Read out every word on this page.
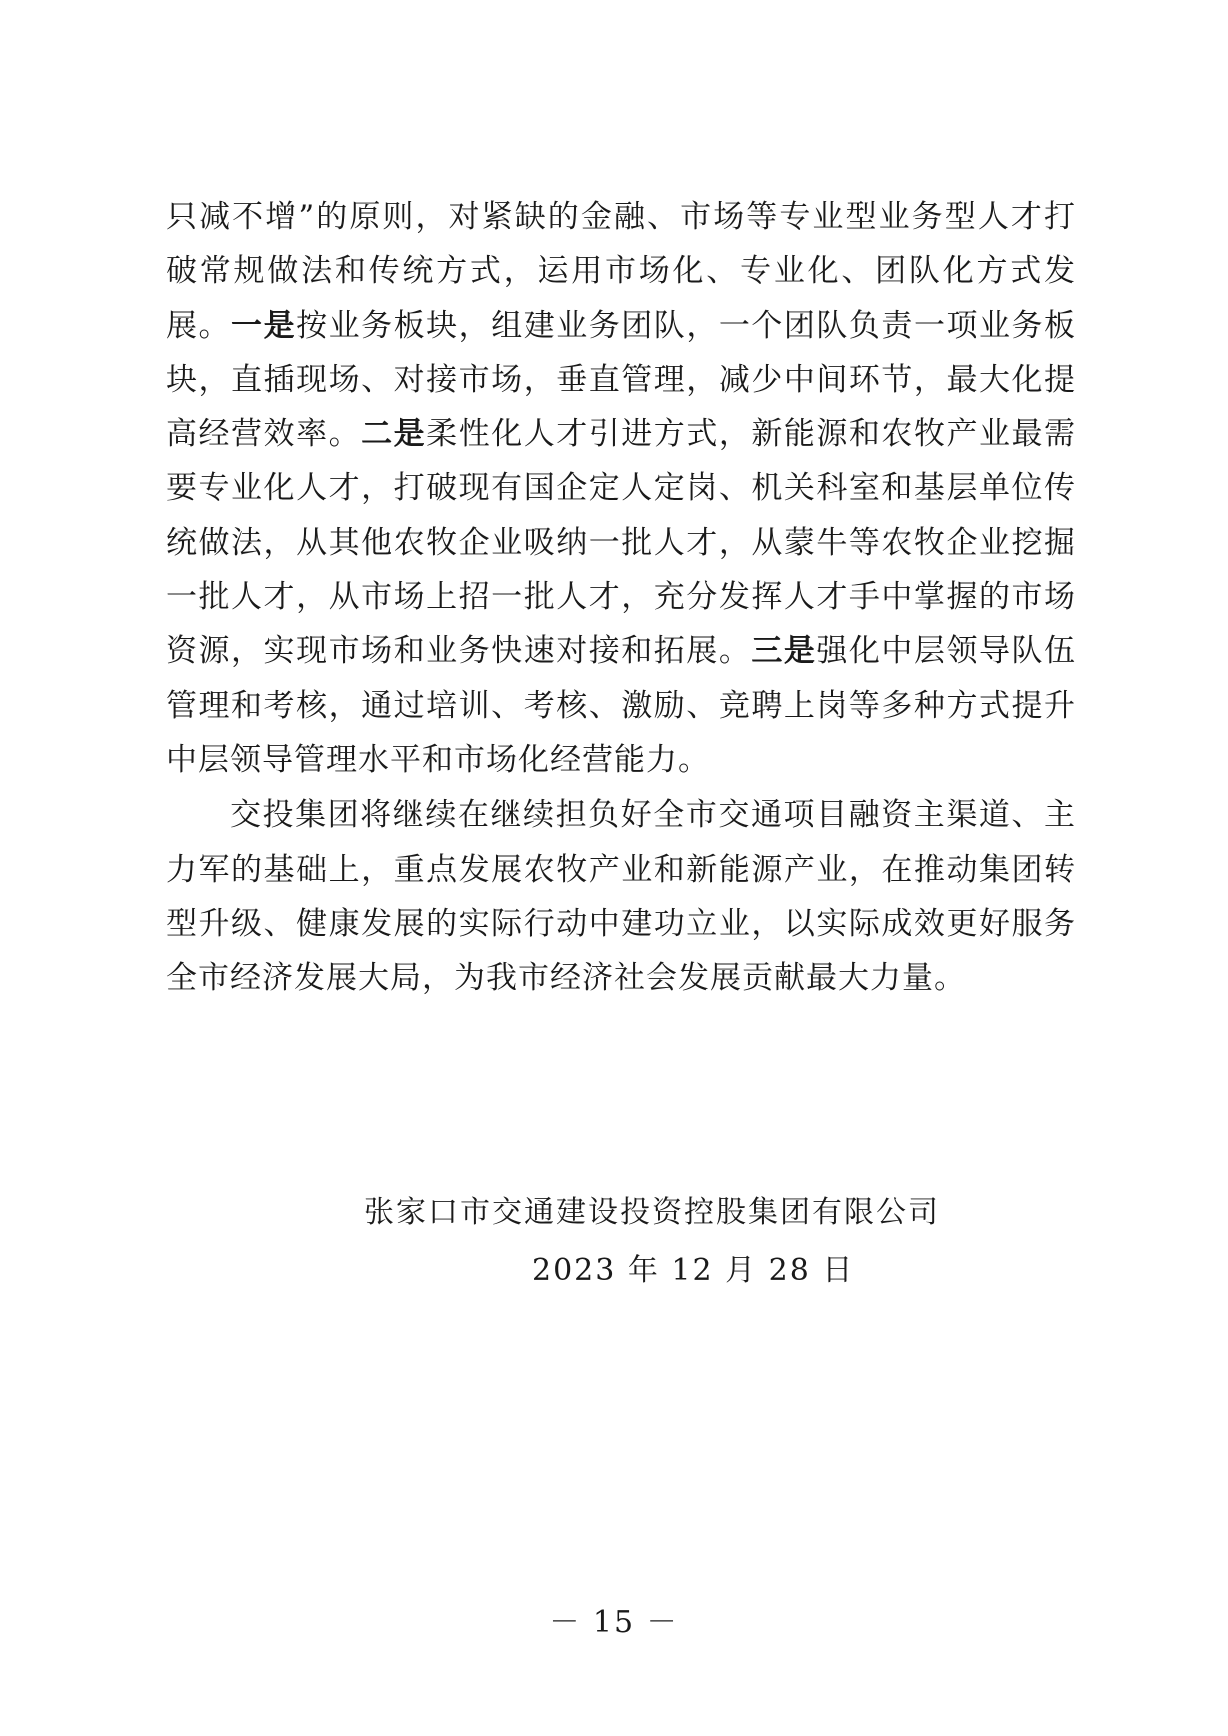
只减不增”的原则，对紧缺的金融、市场等专业型业务型人才打破常规做法和传统方式，运用市场化、专业化、团队化方式发展。一是按业务板块，组建业务团队，一个团队负责一项业务板块，直插现场、对接市场，垂直管理，减少中间环节，最大化提高经营效率。二是柔性化人才引进方式，新能源和农牧产业最需要专业化人才，打破现有国企定人定岗、机关科室和基层单位传统做法，从其他农牧企业吸纳一批人才，从蒙牛等农牧企业挖掘一批人才，从市场上招一批人才，充分发挥人才手中掌握的市场资源，实现市场和业务快速对接和拓展。三是强化中层领导队伍管理和考核，通过培训、考核、激励、竞聘上岗等多种方式提升中层领导管理水平和市场化经营能力。

交投集团将继续在继续担负好全市交通项目融资主渠道、主力军的基础上，重点发展农牧产业和新能源产业，在推动集团转型升级、健康发展的实际行动中建功立业，以实际成效更好服务全市经济发展大局，为我市经济社会发展贡献最大力量。

张家口市交通建设投资控股集团有限公司
2023 年 12 月 28 日
－ 15 －
